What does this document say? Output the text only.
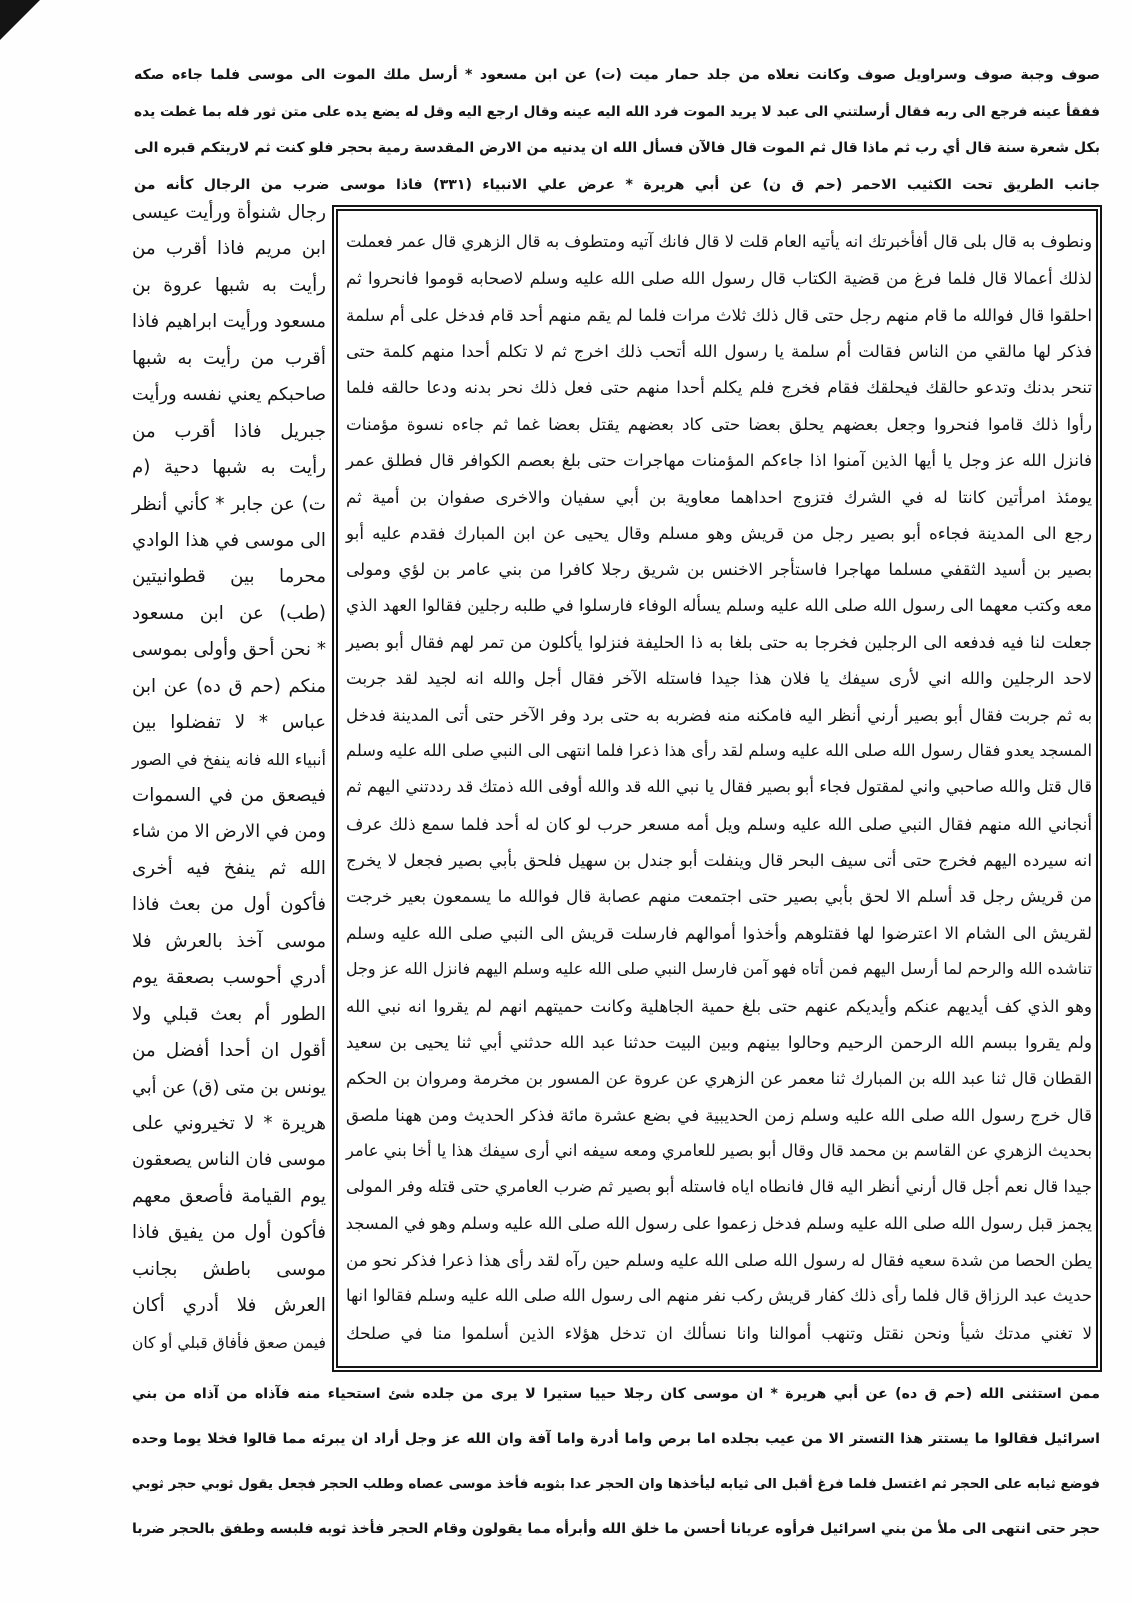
صوف وجبة صوف وسراويل صوف وكانت نعلاه من جلد حمار ميت (ت) عن ابن مسعود * أرسل ملك الموت الى موسى فلما جاءه صكه
ففقأ عينه فرجع الى ربه فقال أرسلتني الى عبد لا يريد الموت فرد الله اليه عينه وقال ارجع اليه وقل له يضع يده على متن ثور فله بما غطت يده
بكل شعرة سنة قال أي رب ثم ماذا قال ثم الموت قال فالآن فسأل الله ان يدنيه من الارض المقدسة رمية بحجر فلو كنت ثم لاريتكم قبره الى
جانب الطريق تحت الكثيب الاحمر (حم ق ن) عن أبي هريرة * عرض علي الانبياء (٣٣١) فاذا موسى ضرب من الرجال كأنه من
رجال شنوأة ورأيت عيسى
ابن مريم فاذا أقرب من
رأيت به شبها عروة بن
مسعود ورأيت ابراهيم فاذا
أقرب من رأيت به شبها
صاحبكم يعني نفسه ورأيت
جبريل فاذا أقرب من
رأيت به شبها دحية (م
ت) عن جابر * كأني أنظر
الى موسى في هذا الوادي
محرما بين قطوانيتين
(طب) عن ابن مسعود
* نحن أحق وأولى بموسى
منكم (حم ق ده) عن ابن
عباس * لا تفضلوا بين
أنبياء الله فانه ينفخ في الصور
فيصعق من في السموات
ومن في الارض الا من شاء
الله ثم ينفخ فيه أخرى
فأكون أول من بعث فاذا
موسى آخذ بالعرش فلا
أدري أحوسب بصعقة يوم
الطور أم بعث قبلي ولا
أقول ان أحدا أفضل من
يونس بن متى (ق) عن أبي
هريرة * لا تخيروني على
موسى فان الناس يصعقون
يوم القيامة فأصعق معهم
فأكون أول من يفيق فاذا
موسى باطش بجانب
العرش فلا أدري أكان
فيمن صعق فأفاق قبلي أو كان
ونطوف به قال بلى قال أفأخبرتك انه يأتيه العام قلت لا قال فانك آتيه ومتطوف به قال الزهري قال عمر فعملت
لذلك أعمالا قال فلما فرغ من قضية الكتاب قال رسول الله صلى الله عليه وسلم لاصحابه قوموا فانحروا ثم
احلقوا قال فوالله ما قام منهم رجل حتى قال ذلك ثلاث مرات فلما لم يقم منهم أحد قام فدخل على أم سلمة
فذكر لها مالقي من الناس فقالت أم سلمة يا رسول الله أتحب ذلك اخرج ثم لا تكلم أحدا منهم كلمة حتى
تنحر بدنك وتدعو حالقك فيحلقك فقام فخرج فلم يكلم أحدا منهم حتى فعل ذلك نحر بدنه ودعا حالقه فلما
رأوا ذلك قاموا فنحروا وجعل بعضهم يحلق بعضا حتى كاد بعضهم يقتل بعضا غما ثم جاءه نسوة مؤمنات
فانزل الله عز وجل يا أيها الذين آمنوا اذا جاءكم المؤمنات مهاجرات حتى بلغ بعصم الكوافر قال فطلق عمر
يومئذ امرأتين كانتا له في الشرك فتزوج احداهما معاوية بن أبي سفيان والاخرى صفوان بن أمية ثم
رجع الى المدينة فجاءه أبو بصير رجل من قريش وهو مسلم وقال يحيى عن ابن المبارك فقدم عليه أبو
بصير بن أسيد الثقفي مسلما مهاجرا فاستأجر الاخنس بن شريق رجلا كافرا من بني عامر بن لؤي ومولى
معه وكتب معهما الى رسول الله صلى الله عليه وسلم يسأله الوفاء فارسلوا في طلبه رجلين فقالوا العهد الذي
جعلت لنا فيه فدفعه الى الرجلين فخرجا به حتى بلغا به ذا الحليفة فنزلوا يأكلون من تمر لهم فقال أبو بصير
لاحد الرجلين والله اني لأرى سيفك يا فلان هذا جيدا فاستله الآخر فقال أجل والله انه لجيد لقد جربت
به ثم جربت فقال أبو بصير أرني أنظر اليه فامكنه منه فضربه به حتى برد وفر الآخر حتى أتى المدينة فدخل
المسجد يعدو فقال رسول الله صلى الله عليه وسلم لقد رأى هذا ذعرا فلما انتهى الى النبي صلى الله عليه وسلم
قال قتل والله صاحبي واني لمقتول فجاء أبو بصير فقال يا نبي الله قد والله أوفى الله ذمتك قد رددتني اليهم ثم
أنجاني الله منهم فقال النبي صلى الله عليه وسلم ويل أمه مسعر حرب لو كان له أحد فلما سمع ذلك عرف
انه سيرده اليهم فخرج حتى أتى سيف البحر قال وينفلت أبو جندل بن سهيل فلحق بأبي بصير فجعل لا يخرج
من قريش رجل قد أسلم الا لحق بأبي بصير حتى اجتمعت منهم عصابة قال فوالله ما يسمعون بعير خرجت
لقريش الى الشام الا اعترضوا لها فقتلوهم وأخذوا أموالهم فارسلت قريش الى النبي صلى الله عليه وسلم
تناشده الله والرحم لما أرسل اليهم فمن أتاه فهو آمن فارسل النبي صلى الله عليه وسلم اليهم فانزل الله عز وجل
وهو الذي كف أيديهم عنكم وأيديكم عنهم حتى بلغ حمية الجاهلية وكانت حميتهم انهم لم يقروا انه نبي الله
ولم يقروا ببسم الله الرحمن الرحيم وحالوا بينهم وبين البيت حدثنا عبد الله حدثني أبي ثنا يحيى بن سعيد
القطان قال ثنا عبد الله بن المبارك ثنا معمر عن الزهري عن عروة عن المسور بن مخرمة ومروان بن الحكم
قال خرج رسول الله صلى الله عليه وسلم زمن الحديبية في بضع عشرة مائة فذكر الحديث ومن ههنا ملصق
بحديث الزهري عن القاسم بن محمد قال وقال أبو بصير للعامري ومعه سيفه اني أرى سيفك هذا يا أخا بني عامر
جيدا قال نعم أجل قال أرني أنظر اليه قال فانطاه اياه فاستله أبو بصير ثم ضرب العامري حتى قتله وفر المولى
يجمز قبل رسول الله صلى الله عليه وسلم فدخل زعموا على رسول الله صلى الله عليه وسلم وهو في المسجد
يطن الحصا من شدة سعيه فقال له رسول الله صلى الله عليه وسلم حين رآه لقد رأى هذا ذعرا فذكر نحو من
حديث عبد الرزاق قال فلما رأى ذلك كفار قريش ركب نفر منهم الى رسول الله صلى الله عليه وسلم فقالوا انها
لا تغني مدتك شيأ ونحن نقتل وتنهب أموالنا وانا نسألك ان تدخل هؤلاء الذين أسلموا منا في صلحك
ممن استثنى الله (حم ق ده) عن أبي هريرة * ان موسى كان رجلا حييا ستيرا لا يرى من جلده شئ استحياء منه فآذاه من آذاه من بني
اسرائيل فقالوا ما يستتر هذا التستر الا من عيب بجلده اما برص واما أدرة واما آفة وان الله عز وجل أراد ان يبرئه مما قالوا فخلا يوما وحده
فوضع ثيابه على الحجر ثم اغتسل فلما فرغ أقبل الى ثيابه ليأخذها وان الحجر عدا بثوبه فأخذ موسى عصاه وطلب الحجر فجعل يقول ثوبي حجر ثوبي
حجر حتى انتهى الى ملأ من بني اسرائيل فرأوه عريانا أحسن ما خلق الله وأبرأه مما يقولون وقام الحجر فأخذ ثوبه فلبسه وطفق بالحجر ضربا
